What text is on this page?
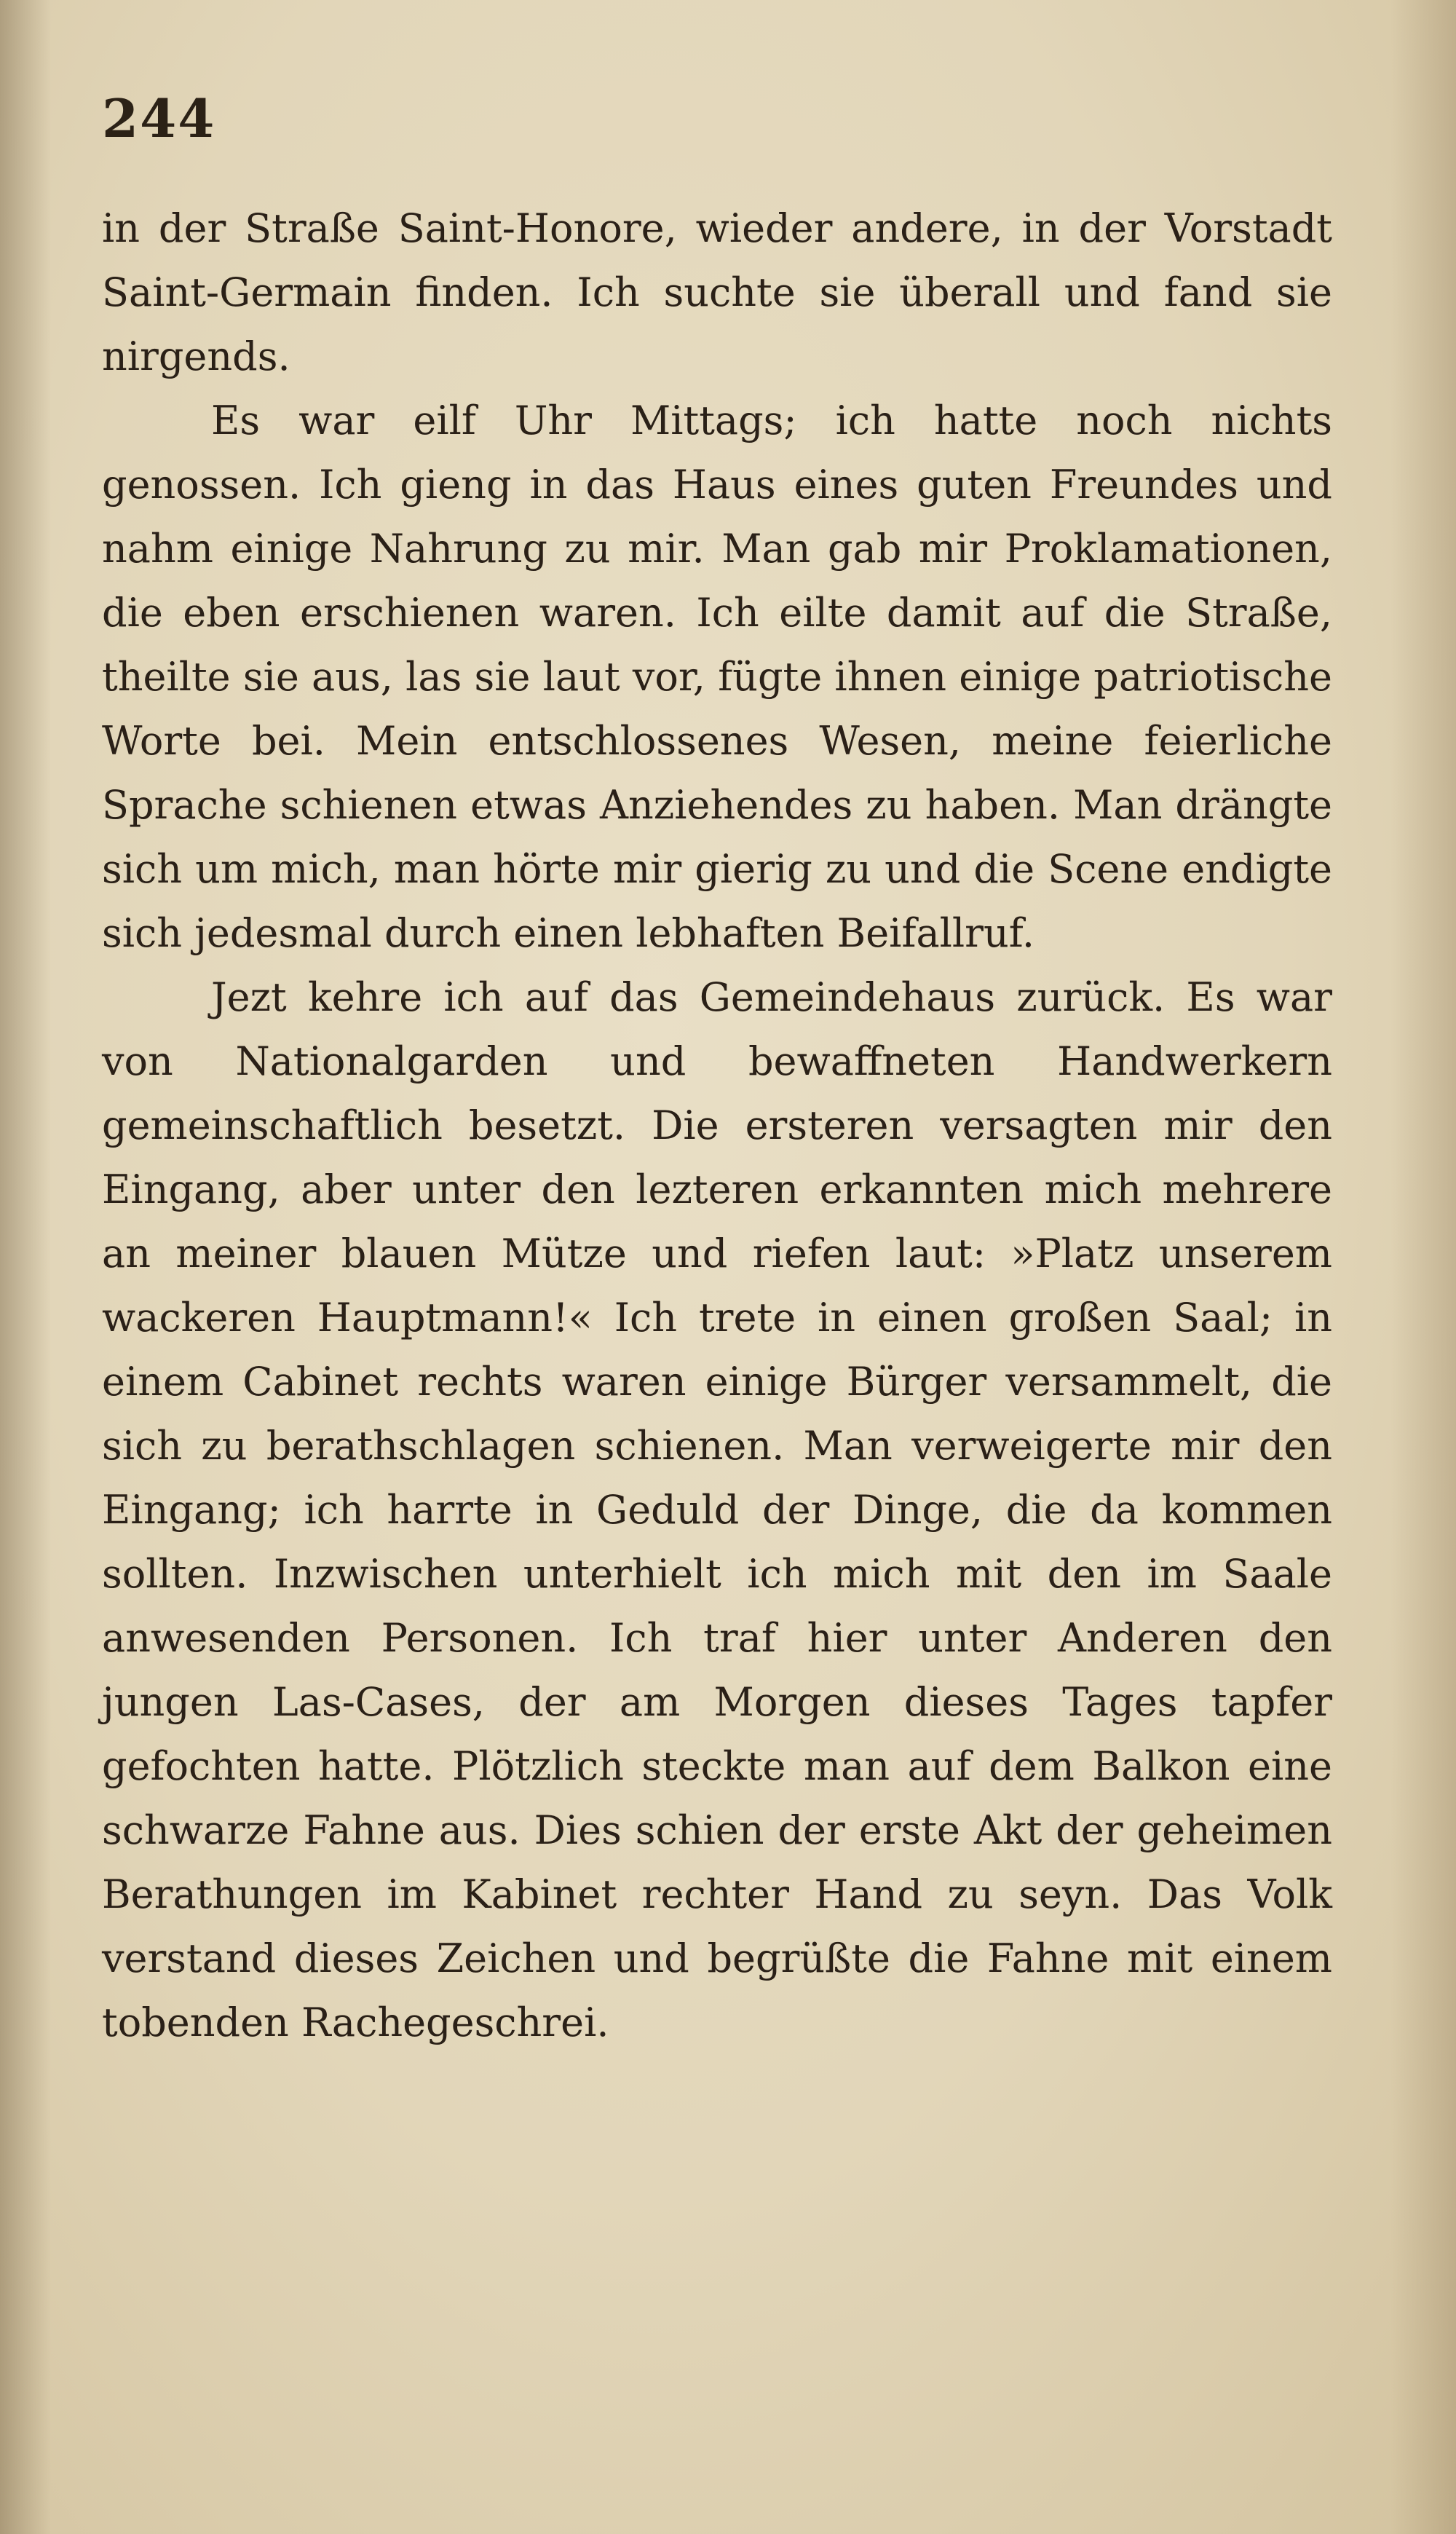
244

in der Straße Saint-Honore, wieder andere, in der Vorstadt Saint-Germain finden. Ich suchte sie überall und fand sie nirgends.

Es war eilf Uhr Mittags; ich hatte noch nichts genossen. Ich gieng in das Haus eines guten Freundes und nahm einige Nahrung zu mir. Man gab mir Proklamationen, die eben erschienen waren. Ich eilte damit auf die Straße, theilte sie aus, las sie laut vor, fügte ihnen einige patriotische Worte bei. Mein entschlossenes Wesen, meine feierliche Sprache schienen etwas Anziehendes zu haben. Man drängte sich um mich, man hörte mir gierig zu und die Scene endigte sich jedesmal durch einen lebhaften Beifallruf.

Jezt kehre ich auf das Gemeindehaus zurück. Es war von Nationalgarden und bewaffneten Handwerkern gemeinschaftlich besetzt. Die ersteren versagten mir den Eingang, aber unter den lezteren erkannten mich mehrere an meiner blauen Mütze und riefen laut: »Platz unserem wackeren Hauptmann!« Ich trete in einen großen Saal; in einem Cabinet rechts waren einige Bürger versammelt, die sich zu berathschlagen schienen. Man verweigerte mir den Eingang; ich harrte in Geduld der Dinge, die da kommen sollten. Inzwischen unterhielt ich mich mit den im Saale anwesenden Personen. Ich traf hier unter Anderen den jungen Las-Cases, der am Morgen dieses Tages tapfer gefochten hatte. Plötzlich steckte man auf dem Balkon eine schwarze Fahne aus. Dies schien der erste Akt der geheimen Berathungen im Kabinet rechter Hand zu seyn. Das Volk verstand dieses Zeichen und begrüßte die Fahne mit einem tobenden Rachegeschrei.
